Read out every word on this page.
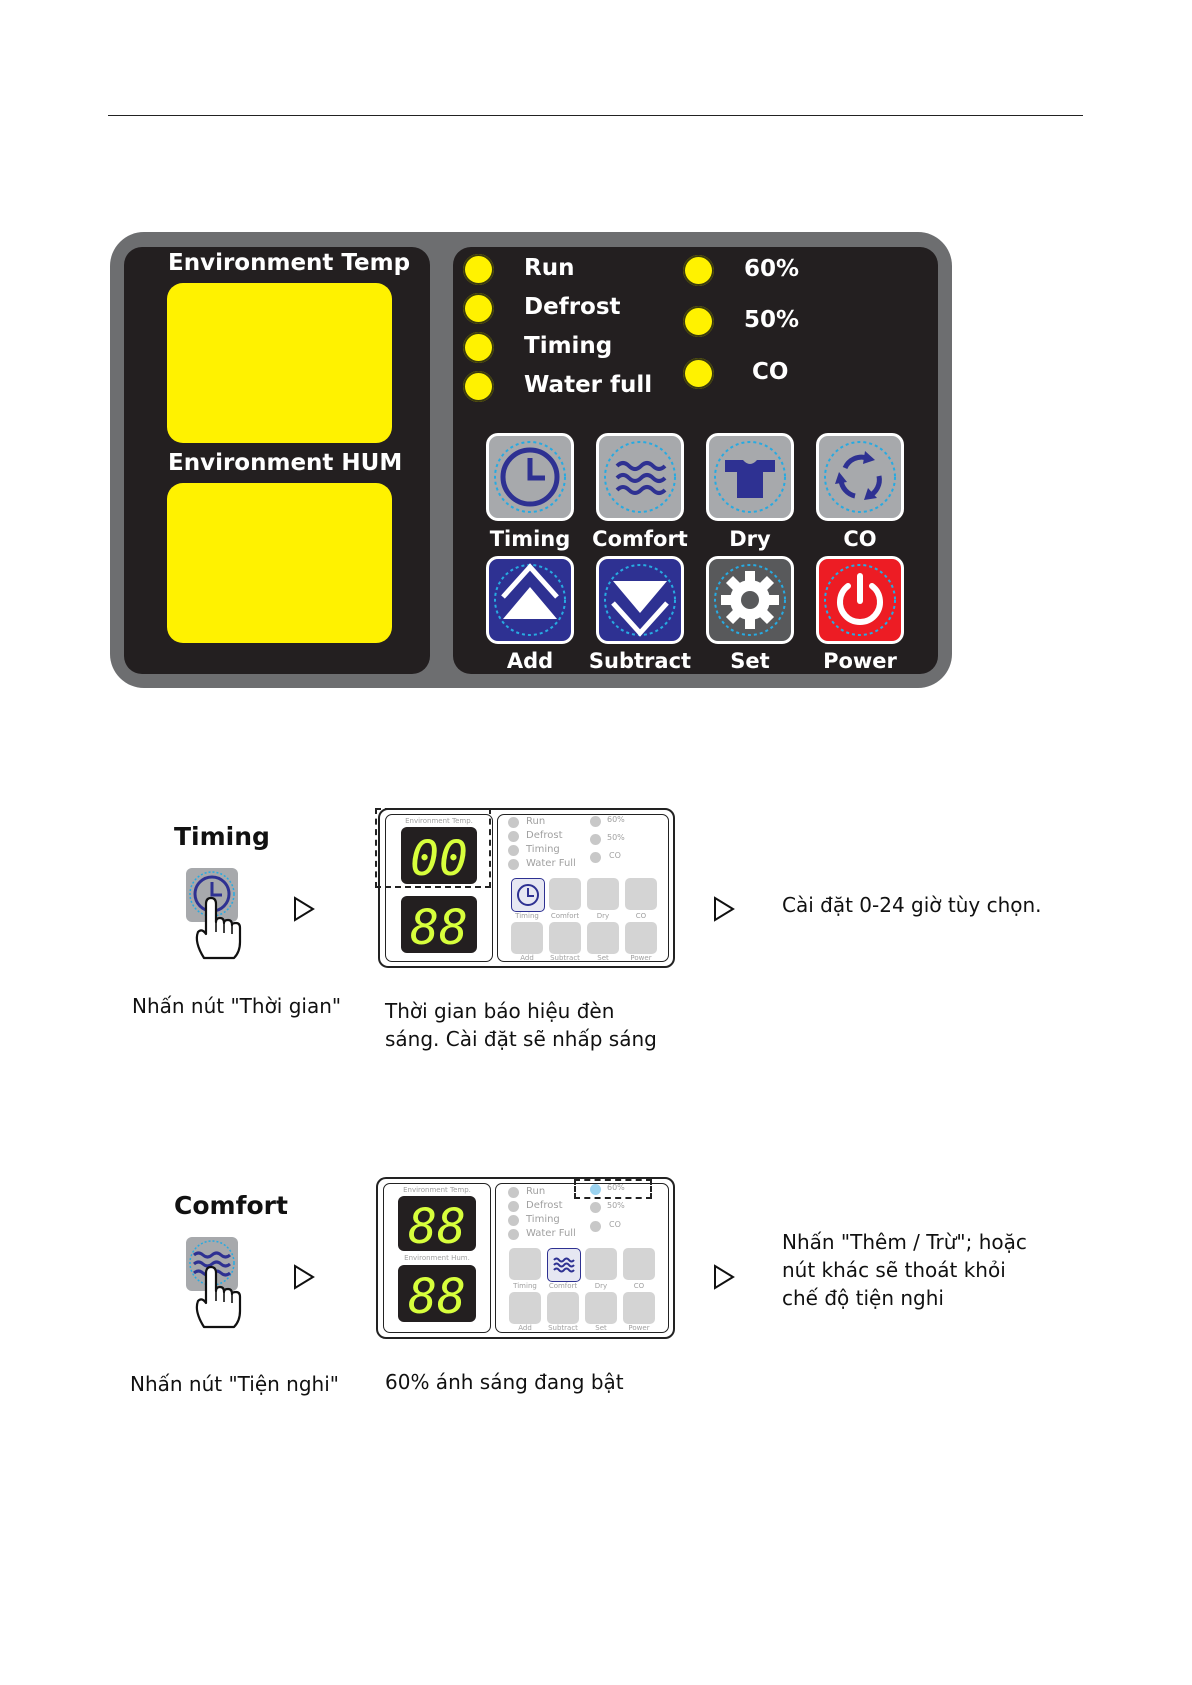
Environment Temp
Environment HUM
Run
Defrost
Timing
Water full
60%
50%
CO
Timing	Comfort	Dry	CO
Add	Subtract	Set	Power
Timing
Nhấn nút "Thời gian"
Environment Temp.
00
88
Run
Defrost
Timing
Water Full
60%
50%
CO
Timing	Comfort	Dry	CO
Add	Subtract	Set	Power
Thời gian báo hiệu đèn
sáng. Cài đặt sẽ nhấp sáng
Cài đặt 0-24 giờ tùy chọn.
Comfort
Nhấn nút "Tiện nghi"
Environment Temp.
88
Environment Hum.
88
Run
Defrost
Timing
Water Full
60%
50%
CO
Timing	Comfort	Dry	CO
Add	Subtract	Set	Power
60% ánh sáng đang bật
Nhấn "Thêm / Trừ"; hoặc
nút khác sẽ thoát khỏi
chế độ tiện nghi
